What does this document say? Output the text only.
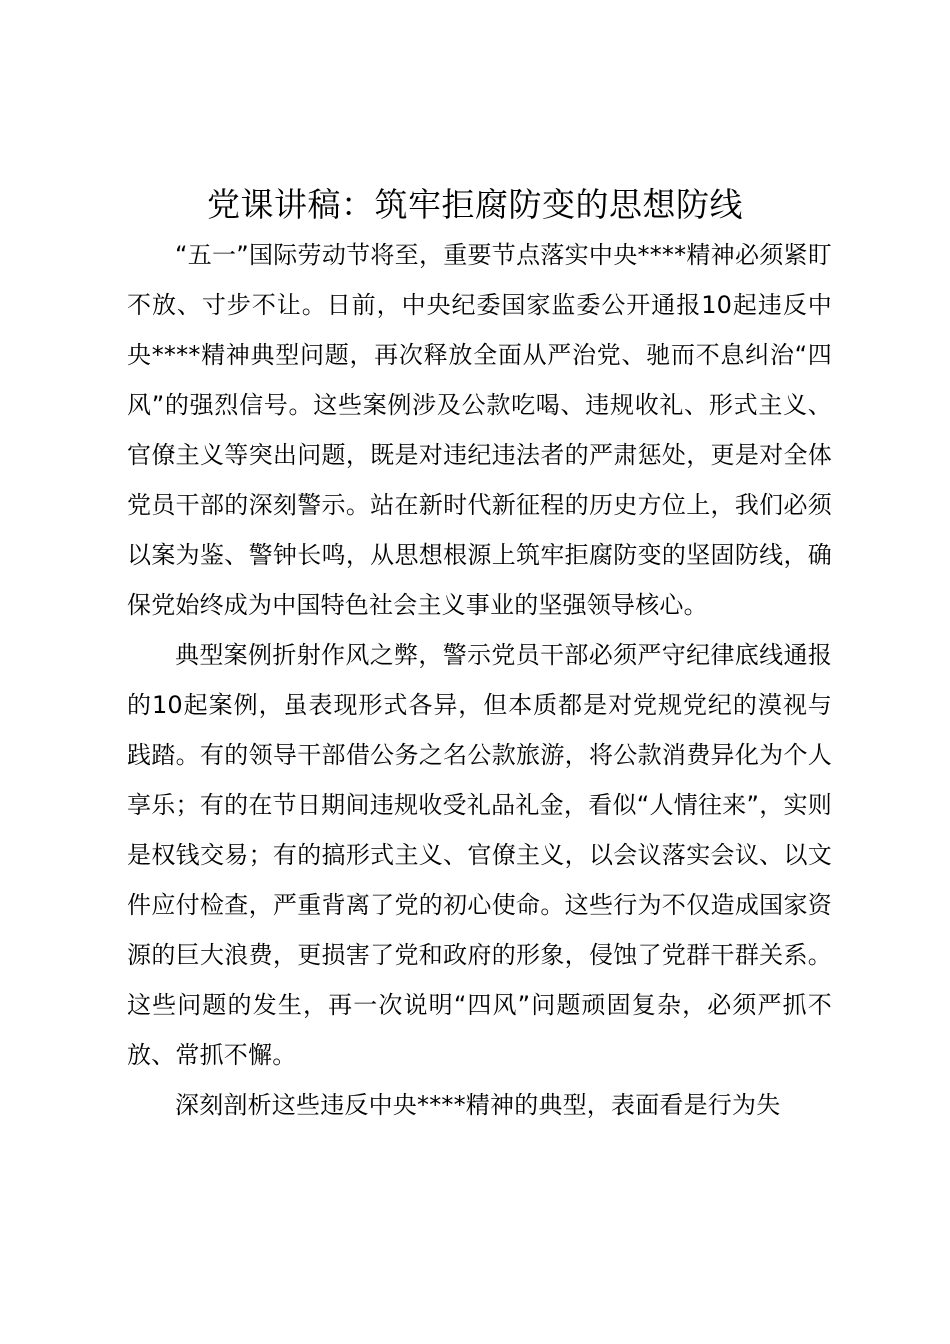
党课讲稿：筑牢拒腐防变的思想防线

“五一”国际劳动节将至，重要节点落实中央****精神必须紧盯不放、寸步不让。日前，中央纪委国家监委公开通报10起违反中央****精神典型问题，再次释放全面从严治党、驰而不息纠治“四风”的强烈信号。这些案例涉及公款吃喝、违规收礼、形式主义、官僚主义等突出问题，既是对违纪违法者的严肃惩处，更是对全体党员干部的深刻警示。站在新时代新征程的历史方位上，我们必须以案为鉴、警钟长鸣，从思想根源上筑牢拒腐防变的坚固防线，确保党始终成为中国特色社会主义事业的坚强领导核心。

典型案例折射作风之弊，警示党员干部必须严守纪律底线通报的10起案例，虽表现形式各异，但本质都是对党规党纪的漠视与践踏。有的领导干部借公务之名公款旅游，将公款消费异化为个人享乐；有的在节日期间违规收受礼品礼金，看似“人情往来”，实则是权钱交易；有的搞形式主义、官僚主义，以会议落实会议、以文件应付检查，严重背离了党的初心使命。这些行为不仅造成国家资源的巨大浪费，更损害了党和政府的形象，侵蚀了党群干群关系。这些问题的发生，再一次说明“四风”问题顽固复杂，必须严抓不放、常抓不懈。

深刻剖析这些违反中央****精神的典型，表面看是行为失
